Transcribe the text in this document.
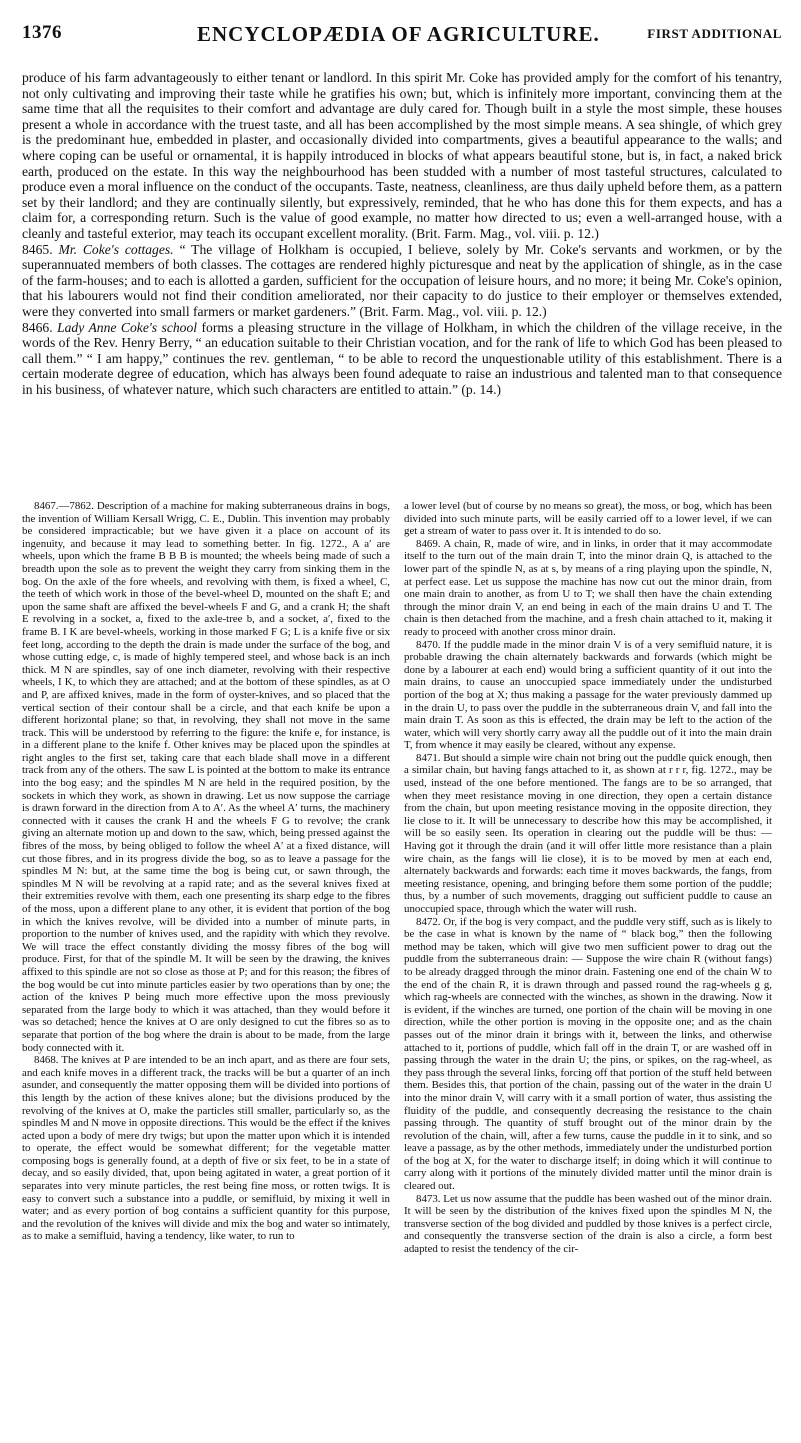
1376	ENCYCLOPÆDIA OF AGRICULTURE.	FIRST ADDITIONAL

produce of his farm advantageously to either tenant or landlord. In this spirit Mr. Coke has provided amply for the comfort of his tenantry, not only cultivating and improving their taste while he gratifies his own; but, which is infinitely more important, convincing them at the same time that all the requisites to their comfort and advantage are duly cared for. Though built in a style the most simple, these houses present a whole in accordance with the truest taste, and all has been accomplished by the most simple means. A sea shingle, of which grey is the predominant hue, embedded in plaster, and occasionally divided into compartments, gives a beautiful appearance to the walls; and where coping can be useful or ornamental, it is happily introduced in blocks of what appears beautiful stone, but is, in fact, a naked brick earth, produced on the estate. In this way the neighbourhood has been studded with a number of most tasteful structures, calculated to produce even a moral influence on the conduct of the occupants. Taste, neatness, cleanliness, are thus daily upheld before them, as a pattern set by their landlord; and they are continually silently, but expressively, reminded, that he who has done this for them expects, and has a claim for, a corresponding return. Such is the value of good example, no matter how directed to us; even a well-arranged house, with a cleanly and tasteful exterior, may teach its occupant excellent morality. (Brit. Farm. Mag., vol. viii. p. 12.)

8465. Mr. Coke's cottages. “ The village of Holkham is occupied, I believe, solely by Mr. Coke's servants and workmen, or by the superannuated members of both classes. The cottages are rendered highly picturesque and neat by the application of shingle, as in the case of the farm-houses; and to each is allotted a garden, sufficient for the occupation of leisure hours, and no more; it being Mr. Coke's opinion, that his labourers would not find their condition ameliorated, nor their capacity to do justice to their employer or themselves extended, were they converted into small farmers or market gardeners.” (Brit. Farm. Mag., vol. viii. p. 12.)

8466. Lady Anne Coke's school forms a pleasing structure in the village of Holkham, in which the children of the village receive, in the words of the Rev. Henry Berry, “ an education suitable to their Christian vocation, and for the rank of life to which God has been pleased to call them.” “ I am happy,” continues the rev. gentleman, “ to be able to record the unquestionable utility of this establishment. There is a certain moderate degree of education, which has always been found adequate to raise an industrious and talented man to that consequence in his business, of whatever nature, which such characters are entitled to attain.” (p. 14.)

8467.—7862. Description of a machine for making subterraneous drains in bogs, the invention of William Kersall Wrigg, C. E., Dublin. This invention may probably be considered impracticable; but we have given it a place on account of its ingenuity, and because it may lead to something better. In fig. 1272., A a′ are wheels, upon which the frame B B B is mounted; the wheels being made of such a breadth upon the sole as to prevent the weight they carry from sinking them in the bog. On the axle of the fore wheels, and revolving with them, is fixed a wheel, C, the teeth of which work in those of the bevel-wheel D, mounted on the shaft E; and upon the same shaft are affixed the bevel-wheels F and G, and a crank H; the shaft E revolving in a socket, a, fixed to the axle-tree b, and a socket, a′, fixed to the frame B. I K are bevel-wheels, working in those marked F G; L is a knife five or six feet long, according to the depth the drain is made under the surface of the bog, and whose cutting edge, c, is made of highly tempered steel, and whose back is an inch thick. M N are spindles, say of one inch diameter, revolving with their respective wheels, I K, to which they are attached; and at the bottom of these spindles, as at O and P, are affixed knives, made in the form of oyster-knives, and so placed that the vertical section of their contour shall be a circle, and that each knife be upon a different horizontal plane; so that, in revolving, they shall not move in the same track. This will be understood by referring to the figure: the knife e, for instance, is in a different plane to the knife f. Other knives may be placed upon the spindles at right angles to the first set, taking care that each blade shall move in a different track from any of the others. The saw L is pointed at the bottom to make its entrance into the bog easy; and the spindles M N are held in the required position, by the sockets in which they work, as shown in drawing. Let us now suppose the carriage is drawn forward in the direction from A to A′. As the wheel A′ turns, the machinery connected with it causes the crank H and the wheels F G to revolve; the crank giving an alternate motion up and down to the saw, which, being pressed against the fibres of the moss, by being obliged to follow the wheel A′ at a fixed distance, will cut those fibres, and in its progress divide the bog, so as to leave a passage for the spindles M N: but, at the same time the bog is being cut, or sawn through, the spindles M N will be revolving at a rapid rate; and as the several knives fixed at their extremities revolve with them, each one presenting its sharp edge to the fibres of the moss, upon a different plane to any other, it is evident that portion of the bog in which the knives revolve, will be divided into a number of minute parts, in proportion to the number of knives used, and the rapidity with which they revolve. We will trace the effect constantly dividing the mossy fibres of the bog will produce. First, for that of the spindle M. It will be seen by the drawing, the knives affixed to this spindle are not so close as those at P; and for this reason; the fibres of the bog would be cut into minute particles easier by two operations than by one; the action of the knives P being much more effective upon the moss previously separated from the large body to which it was attached, than they would before it was so detached; hence the knives at O are only designed to cut the fibres so as to separate that portion of the bog where the drain is about to be made, from the large body connected with it.

8468. The knives at P are intended to be an inch apart, and as there are four sets, and each knife moves in a different track, the tracks will be but a quarter of an inch asunder, and consequently the matter opposing them will be divided into portions of this length by the action of these knives alone; but the divisions produced by the revolving of the knives at O, make the particles still smaller, particularly so, as the spindles M and N move in opposite directions. This would be the effect if the knives acted upon a body of mere dry twigs; but upon the matter upon which it is intended to operate, the effect would be somewhat different; for the vegetable matter composing bogs is generally found, at a depth of five or six feet, to be in a state of decay, and so easily divided, that, upon being agitated in water, a great portion of it separates into very minute particles, the rest being fine moss, or rotten twigs. It is easy to convert such a substance into a puddle, or semifluid, by mixing it well in water; and as every portion of bog contains a sufficient quantity for this purpose, and the revolution of the knives will divide and mix the bog and water so intimately, as to make a semifluid, having a tendency, like water, to run to

a lower level (but of course by no means so great), the moss, or bog, which has been divided into such minute parts, will be easily carried off to a lower level, if we can get a stream of water to pass over it. It is intended to do so.

8469. A chain, R, made of wire, and in links, in order that it may accommodate itself to the turn out of the main drain T, into the minor drain Q, is attached to the lower part of the spindle N, as at s, by means of a ring playing upon the spindle, N, at perfect ease. Let us suppose the machine has now cut out the minor drain, from one main drain to another, as from U to T; we shall then have the chain extending through the minor drain V, an end being in each of the main drains U and T. The chain is then detached from the machine, and a fresh chain attached to it, making it ready to proceed with another cross minor drain.

8470. If the puddle made in the minor drain V is of a very semifluid nature, it is probable drawing the chain alternately backwards and forwards (which might be done by a labourer at each end) would bring a sufficient quantity of it out into the main drains, to cause an unoccupied space immediately under the undisturbed portion of the bog at X; thus making a passage for the water previously dammed up in the drain U, to pass over the puddle in the subterraneous drain V, and fall into the main drain T. As soon as this is effected, the drain may be left to the action of the water, which will very shortly carry away all the puddle out of it into the main drain T, from whence it may easily be cleared, without any expense.

8471. But should a simple wire chain not bring out the puddle quick enough, then a similar chain, but having fangs attached to it, as shown at r r r, fig. 1272., may be used, instead of the one before mentioned. The fangs are to be so arranged, that when they meet resistance moving in one direction, they open a certain distance from the chain, but upon meeting resistance moving in the opposite direction, they lie close to it. It will be unnecessary to describe how this may be accomplished, it will be so easily seen. Its operation in clearing out the puddle will be thus: — Having got it through the drain (and it will offer little more resistance than a plain wire chain, as the fangs will lie close), it is to be moved by men at each end, alternately backwards and forwards: each time it moves backwards, the fangs, from meeting resistance, opening, and bringing before them some portion of the puddle; thus, by a number of such movements, dragging out sufficient puddle to cause an unoccupied space, through which the water will rush.

8472. Or, if the bog is very compact, and the puddle very stiff, such as is likely to be the case in what is known by the name of “ black bog,” then the following method may be taken, which will give two men sufficient power to drag out the puddle from the subterraneous drain: — Suppose the wire chain R (without fangs) to be already dragged through the minor drain. Fastening one end of the chain W to the end of the chain R, it is drawn through and passed round the rag-wheels g g, which rag-wheels are connected with the winches, as shown in the drawing. Now it is evident, if the winches are turned, one portion of the chain will be moving in one direction, while the other portion is moving in the opposite one; and as the chain passes out of the minor drain it brings with it, between the links, and otherwise attached to it, portions of puddle, which fall off in the drain T, or are washed off in passing through the water in the drain U; the pins, or spikes, on the rag-wheel, as they pass through the several links, forcing off that portion of the stuff held between them. Besides this, that portion of the chain, passing out of the water in the drain U into the minor drain V, will carry with it a small portion of water, thus assisting the fluidity of the puddle, and consequently decreasing the resistance to the chain passing through. The quantity of stuff brought out of the minor drain by the revolution of the chain, will, after a few turns, cause the puddle in it to sink, and so leave a passage, as by the other methods, immediately under the undisturbed portion of the bog at X, for the water to discharge itself; in doing which it will continue to carry along with it portions of the minutely divided matter until the minor drain is cleared out.

8473. Let us now assume that the puddle has been washed out of the minor drain. It will be seen by the distribution of the knives fixed upon the spindles M N, the transverse section of the bog divided and puddled by those knives is a perfect circle, and consequently the transverse section of the drain is also a circle, a form best adapted to resist the tendency of the cir-
